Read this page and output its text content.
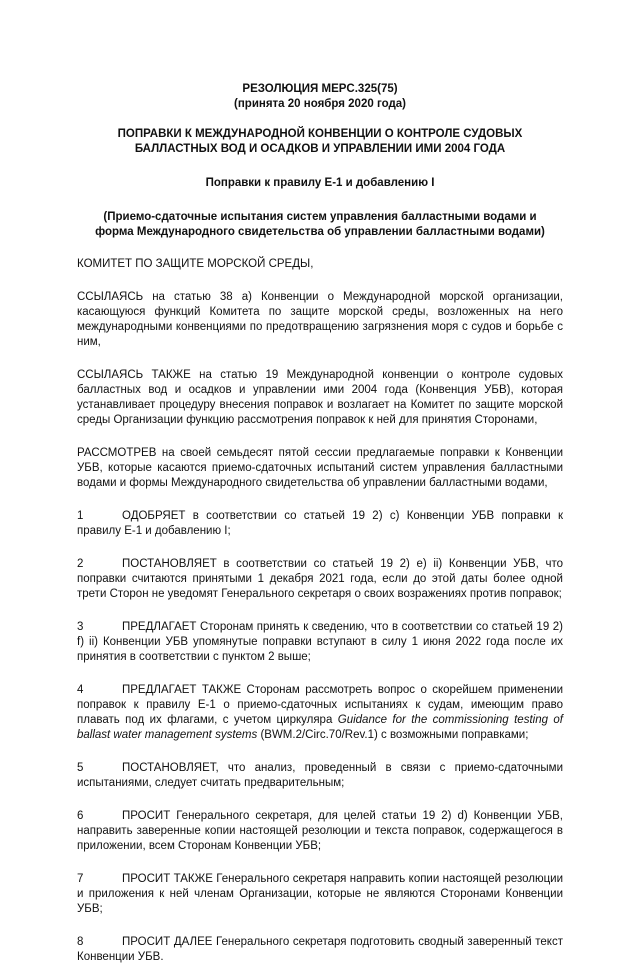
РЕЗОЛЮЦИЯ MEPC.325(75)

(принята 20 ноября 2020 года)

ПОПРАВКИ К МЕЖДУНАРОДНОЙ КОНВЕНЦИИ О КОНТРОЛЕ СУДОВЫХ

БАЛЛАСТНЫХ ВОД И ОСАДКОВ И УПРАВЛЕНИИ ИМИ 2004 ГОДА

Поправки к правилу E-1 и добавлению I

(Приемо-сдаточные испытания систем управления балластными водами и

форма Международного свидетельства об управлении балластными водами)

КОМИТЕТ ПО ЗАЩИТЕ МОРСКОЙ СРЕДЫ,

ССЫЛАЯСЬ на статью 38 a) Конвенции о Международной морской организации, касающуюся функций Комитета по защите морской среды, возложенных на него международными конвенциями по предотвращению загрязнения моря с судов и борьбе с ним,

ССЫЛАЯСЬ ТАКЖЕ на статью 19 Международной конвенции о контроле судовых балластных вод и осадков и управлении ими 2004 года (Конвенция УБВ), которая устанавливает процедуру внесения поправок и возлагает на Комитет по защите морской среды Организации функцию рассмотрения поправок к ней для принятия Сторонами,

РАССМОТРЕВ на своей семьдесят пятой сессии предлагаемые поправки к Конвенции УБВ, которые касаются приемо-сдаточных испытаний систем управления балластными водами и формы Международного свидетельства об управлении балластными водами,

1	ОДОБРЯЕТ в соответствии со статьей 19 2) c) Конвенции УБВ поправки к правилу E-1 и добавлению I;

2	ПОСТАНОВЛЯЕТ в соответствии со статьей 19 2) e) ii) Конвенции УБВ, что поправки считаются принятыми 1 декабря 2021 года, если до этой даты более одной трети Сторон не уведомят Генерального секретаря о своих возражениях против поправок;

3	ПРЕДЛАГАЕТ Сторонам принять к сведению, что в соответствии со статьей 19 2) f) ii) Конвенции УБВ упомянутые поправки вступают в силу 1 июня 2022 года после их принятия в соответствии с пунктом 2 выше;

4	ПРЕДЛАГАЕТ ТАКЖЕ Сторонам рассмотреть вопрос о скорейшем применении поправок к правилу E-1 о приемо-сдаточных испытаниях к судам, имеющим право плавать под их флагами, с учетом циркуляра Guidance for the commissioning testing of ballast water management systems (BWM.2/Circ.70/Rev.1) с возможными поправками;

5	ПОСТАНОВЛЯЕТ, что анализ, проведенный в связи с приемо-сдаточными испытаниями, следует считать предварительным;

6	ПРОСИТ Генерального секретаря, для целей статьи 19 2) d) Конвенции УБВ, направить заверенные копии настоящей резолюции и текста поправок, содержащегося в приложении, всем Сторонам Конвенции УБВ;

7	ПРОСИТ ТАКЖЕ Генерального секретаря направить копии настоящей резолюции и приложения к ней членам Организации, которые не являются Сторонами Конвенции УБВ;

8	ПРОСИТ ДАЛЕЕ Генерального секретаря подготовить сводный заверенный текст Конвенции УБВ.
